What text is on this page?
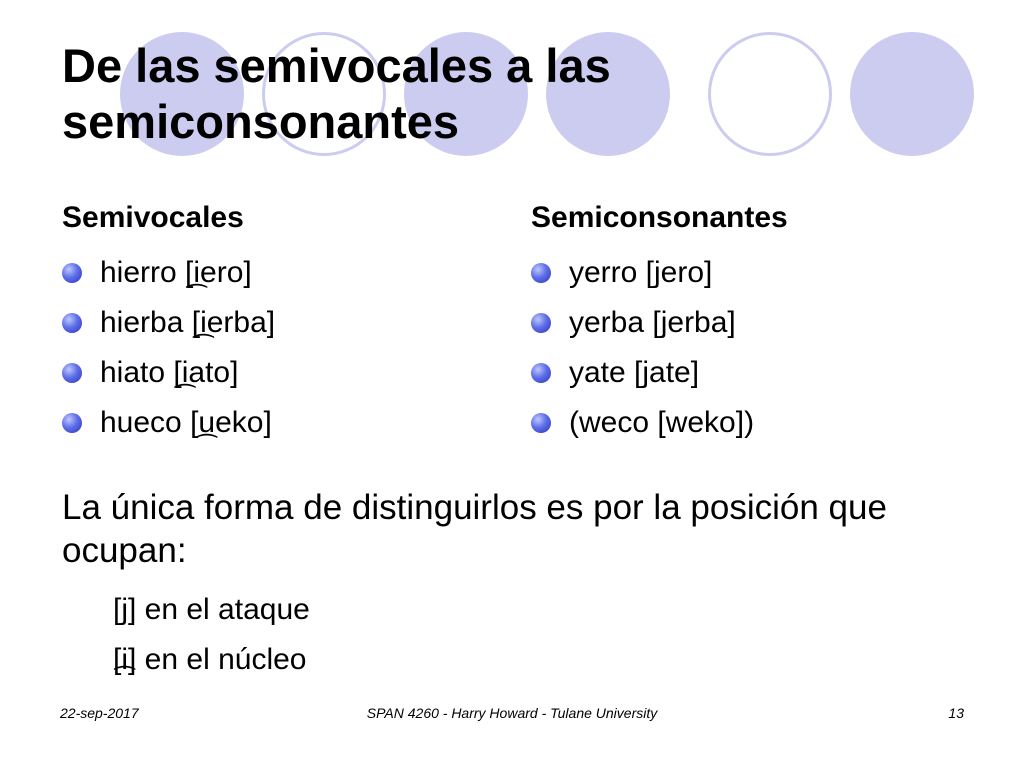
De las semivocales a las
semiconsonantes
Semivocales
hierro [i ⁀ero]
hierba [i ⁀erba]
hiato [i ⁀ato]
hueco [u ⁀eko]
Semiconsonantes
yerro [jero]
yerba [jerba]
yate [jate]
(weco [weko])

La única forma de distinguirlos es por la posición que ocupan:

[j] en el ataque
[i ⁀] en el núcleo
22-sep-2017	SPAN 4260 - Harry Howard - Tulane University	13
